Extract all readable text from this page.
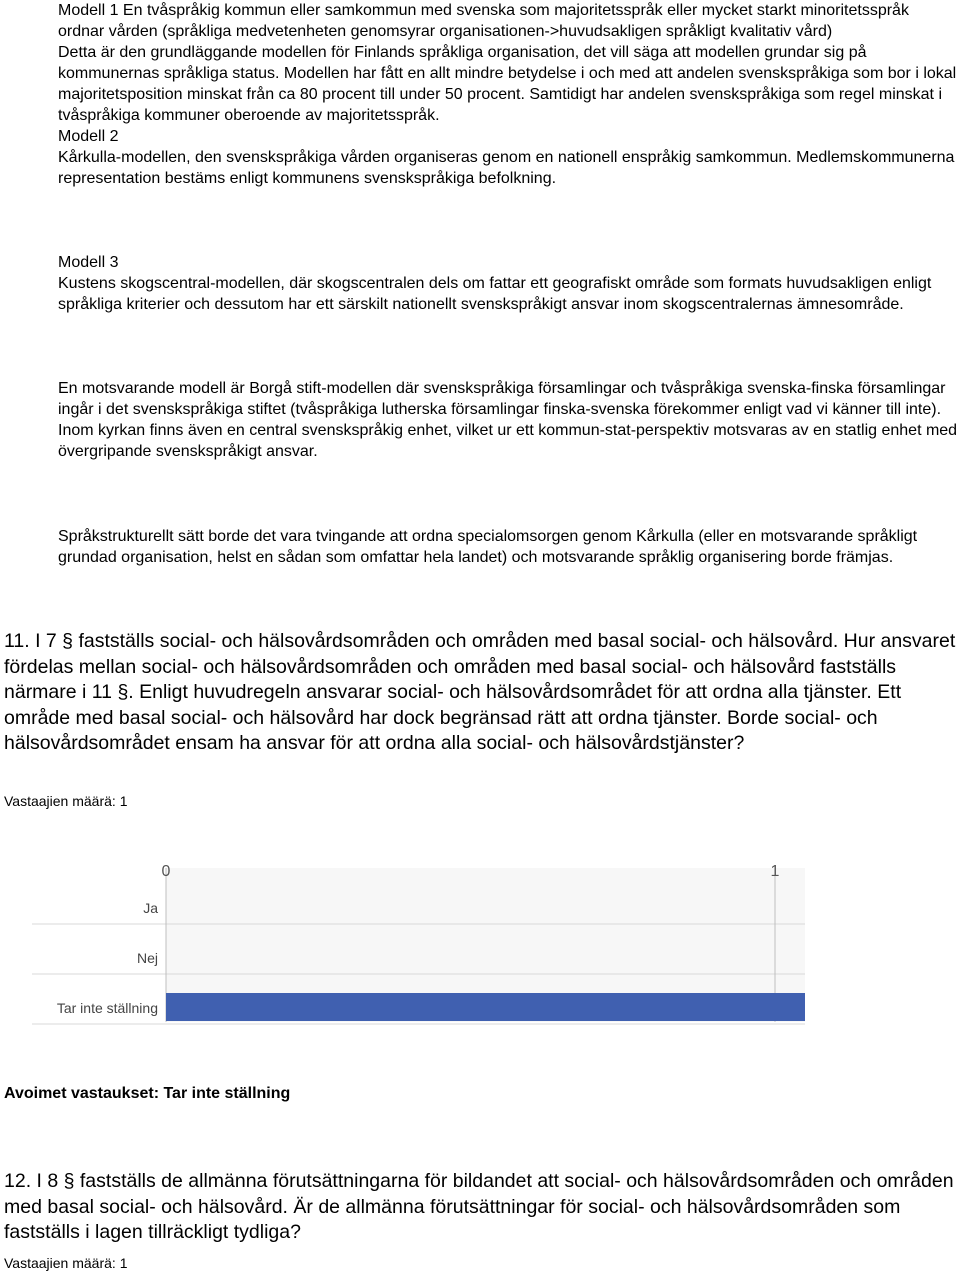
Modell 1 En tvåspråkig kommun eller samkommun med svenska som majoritetsspråk eller mycket starkt minoritetsspråk ordnar vården (språkliga medvetenheten genomsyrar organisationen->huvudsakligen språkligt kvalitativ vård)

Detta är den grundläggande modellen för Finlands språkliga organisation, det vill säga att modellen grundar sig på kommunernas språkliga status. Modellen har fått en allt mindre betydelse i och med att andelen svenskspråkiga som bor i lokal majoritetsposition minskat från ca 80 procent till under 50 procent. Samtidigt har andelen svenskspråkiga som regel minskat i tvåspråkiga kommuner oberoende av majoritetsspråk.

Modell 2

Kårkulla-modellen, den svenskspråkiga vården organiseras genom en nationell enspråkig samkommun. Medlemskommunerna representation bestäms enligt kommunens svenskspråkiga befolkning.

Modell 3

Kustens skogscentral-modellen, där skogscentralen dels om fattar ett geografiskt område som formats huvudsakligen enligt språkliga kriterier och dessutom har ett särskilt nationellt svenskspråkigt ansvar inom skogscentralernas ämnesområde.

En motsvarande modell är Borgå stift-modellen där svenskspråkiga församlingar och tvåspråkiga svenska-finska församlingar ingår i det svenskspråkiga stiftet (tvåspråkiga lutherska församlingar finska-svenska förekommer enligt vad vi känner till inte). Inom kyrkan finns även en central svenskspråkig enhet, vilket ur ett kommun-stat-perspektiv motsvaras av en statlig enhet med övergripande svenskspråkigt ansvar.

Språkstrukturellt sätt borde det vara tvingande att ordna specialomsorgen genom Kårkulla (eller en motsvarande språkligt grundad organisation, helst en sådan som omfattar hela landet) och motsvarande språklig organisering borde främjas.

11. I 7 § fastställs social- och hälsovårdsområden och områden med basal social- och hälsovård. Hur ansvaret fördelas mellan social- och hälsovårdsområden och områden med basal social- och hälsovård fastställs närmare i 11 §. Enligt huvudregeln ansvarar social- och hälsovårdsområdet för att ordna alla tjänster. Ett område med basal social- och hälsovård har dock begränsad rätt att ordna tjänster. Borde social- och hälsovårdsområdet ensam ha ansvar för att ordna alla social- och hälsovårdstjänster?

Vastaajien määrä: 1

0	1
Ja
Nej
Tar inte ställning

Avoimet vastaukset: Tar inte ställning

12. I 8 § fastställs de allmänna förutsättningarna för bildandet att social- och hälsovårdsområden och områden med basal social- och hälsovård. Är de allmänna förutsättningar för social- och hälsovårdsområden som fastställs i lagen tillräckligt tydliga?

Vastaajien määrä: 1
